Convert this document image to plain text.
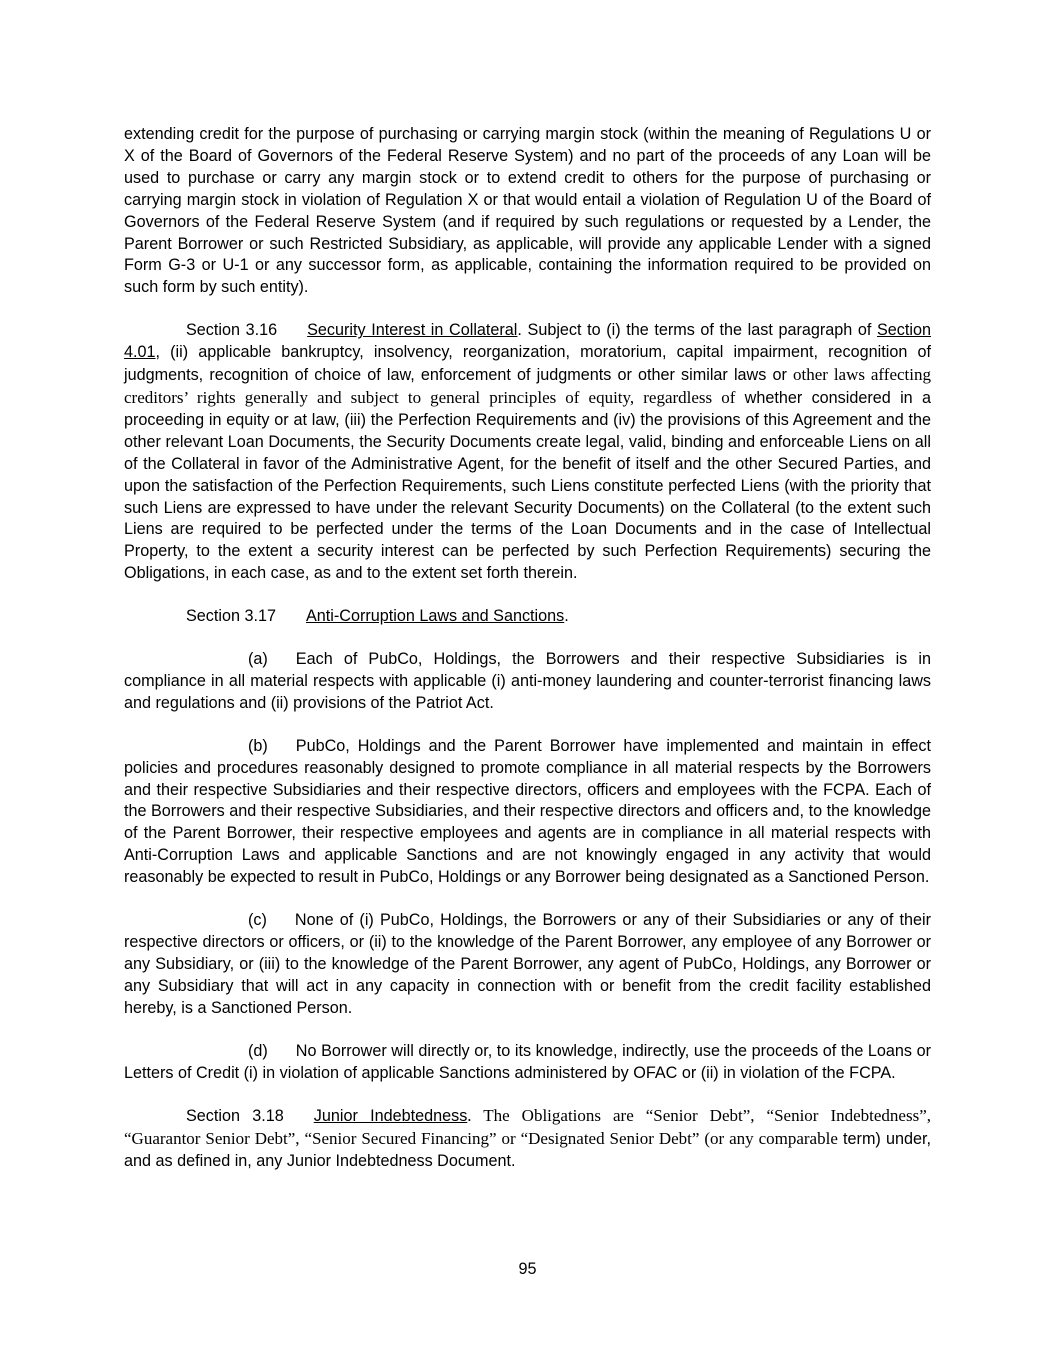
extending credit for the purpose of purchasing or carrying margin stock (within the meaning of Regulations U or X of the Board of Governors of the Federal Reserve System) and no part of the proceeds of any Loan will be used to purchase or carry any margin stock or to extend credit to others for the purpose of purchasing or carrying margin stock in violation of Regulation X or that would entail a violation of Regulation U of the Board of Governors of the Federal Reserve System (and if required by such regulations or requested by a Lender, the Parent Borrower or such Restricted Subsidiary, as applicable, will provide any applicable Lender with a signed Form G-3 or U-1 or any successor form, as applicable, containing the information required to be provided on such form by such entity).

Section 3.16 Security Interest in Collateral. Subject to (i) the terms of the last paragraph of Section 4.01, (ii) applicable bankruptcy, insolvency, reorganization, moratorium, capital impairment, recognition of judgments, recognition of choice of law, enforcement of judgments or other similar laws or other laws affecting creditors’ rights generally and subject to general principles of equity, regardless of whether considered in a proceeding in equity or at law, (iii) the Perfection Requirements and (iv) the provisions of this Agreement and the other relevant Loan Documents, the Security Documents create legal, valid, binding and enforceable Liens on all of the Collateral in favor of the Administrative Agent, for the benefit of itself and the other Secured Parties, and upon the satisfaction of the Perfection Requirements, such Liens constitute perfected Liens (with the priority that such Liens are expressed to have under the relevant Security Documents) on the Collateral (to the extent such Liens are required to be perfected under the terms of the Loan Documents and in the case of Intellectual Property, to the extent a security interest can be perfected by such Perfection Requirements) securing the Obligations, in each case, as and to the extent set forth therein.

Section 3.17 Anti-Corruption Laws and Sanctions.

(a) Each of PubCo, Holdings, the Borrowers and their respective Subsidiaries is in compliance in all material respects with applicable (i) anti-money laundering and counter-terrorist financing laws and regulations and (ii) provisions of the Patriot Act.

(b) PubCo, Holdings and the Parent Borrower have implemented and maintain in effect policies and procedures reasonably designed to promote compliance in all material respects by the Borrowers and their respective Subsidiaries and their respective directors, officers and employees with the FCPA. Each of the Borrowers and their respective Subsidiaries, and their respective directors and officers and, to the knowledge of the Parent Borrower, their respective employees and agents are in compliance in all material respects with Anti-Corruption Laws and applicable Sanctions and are not knowingly engaged in any activity that would reasonably be expected to result in PubCo, Holdings or any Borrower being designated as a Sanctioned Person.

(c) None of (i) PubCo, Holdings, the Borrowers or any of their Subsidiaries or any of their respective directors or officers, or (ii) to the knowledge of the Parent Borrower, any employee of any Borrower or any Subsidiary, or (iii) to the knowledge of the Parent Borrower, any agent of PubCo, Holdings, any Borrower or any Subsidiary that will act in any capacity in connection with or benefit from the credit facility established hereby, is a Sanctioned Person.

(d) No Borrower will directly or, to its knowledge, indirectly, use the proceeds of the Loans or Letters of Credit (i) in violation of applicable Sanctions administered by OFAC or (ii) in violation of the FCPA.

Section 3.18 Junior Indebtedness. The Obligations are “Senior Debt”, “Senior Indebtedness”, “Guarantor Senior Debt”, “Senior Secured Financing” or “Designated Senior Debt” (or any comparable term) under, and as defined in, any Junior Indebtedness Document.

95
